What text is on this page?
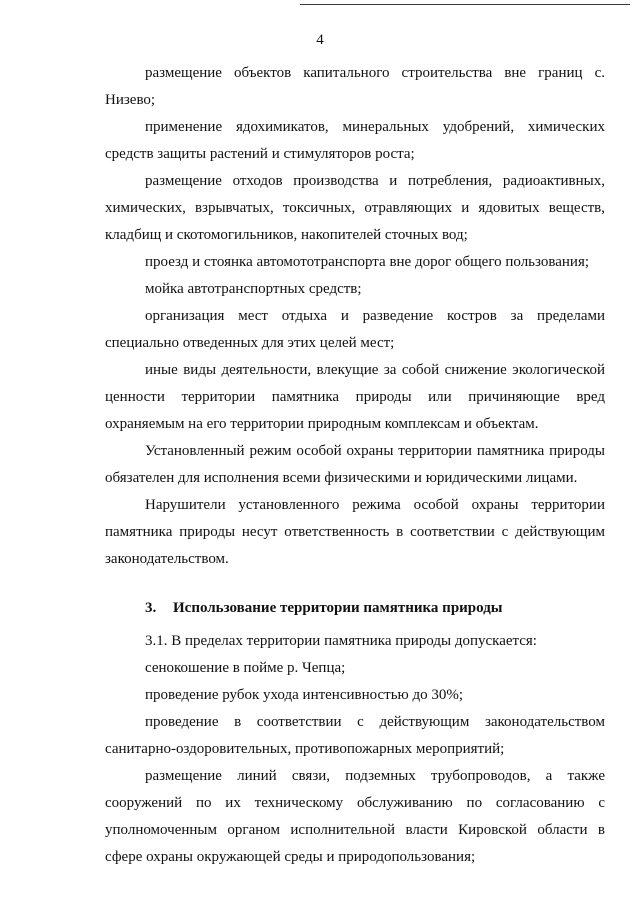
4

размещение объектов капитального строительства вне границ с. Низево;

применение ядохимикатов, минеральных удобрений, химических средств защиты растений и стимуляторов роста;

размещение отходов производства и потребления, радиоактивных, химических, взрывчатых, токсичных, отравляющих и ядовитых веществ, кладбищ и скотомогильников, накопителей сточных вод;

проезд и стоянка автомототранспорта вне дорог общего пользования;

мойка автотранспортных средств;

организация мест отдыха и разведение костров за пределами специально отведенных для этих целей мест;

иные виды деятельности, влекущие за собой снижение экологической ценности территории памятника природы или причиняющие вред охраняемым на его территории природным комплексам и объектам.

Установленный режим особой охраны территории памятника природы обязателен для исполнения всеми физическими и юридическими лицами.

Нарушители установленного режима особой охраны территории памятника природы несут ответственность в соответствии с действующим законодательством.

3. Использование территории памятника природы

3.1. В пределах территории памятника природы допускается:

сенокошение в пойме р. Чепца;

проведение рубок ухода интенсивностью до 30%;

проведение в соответствии с действующим законодательством санитарно-оздоровительных, противопожарных мероприятий;

размещение линий связи, подземных трубопроводов, а также сооружений по их техническому обслуживанию по согласованию с уполномоченным органом исполнительной власти Кировской области в сфере охраны окружающей среды и природопользования;
